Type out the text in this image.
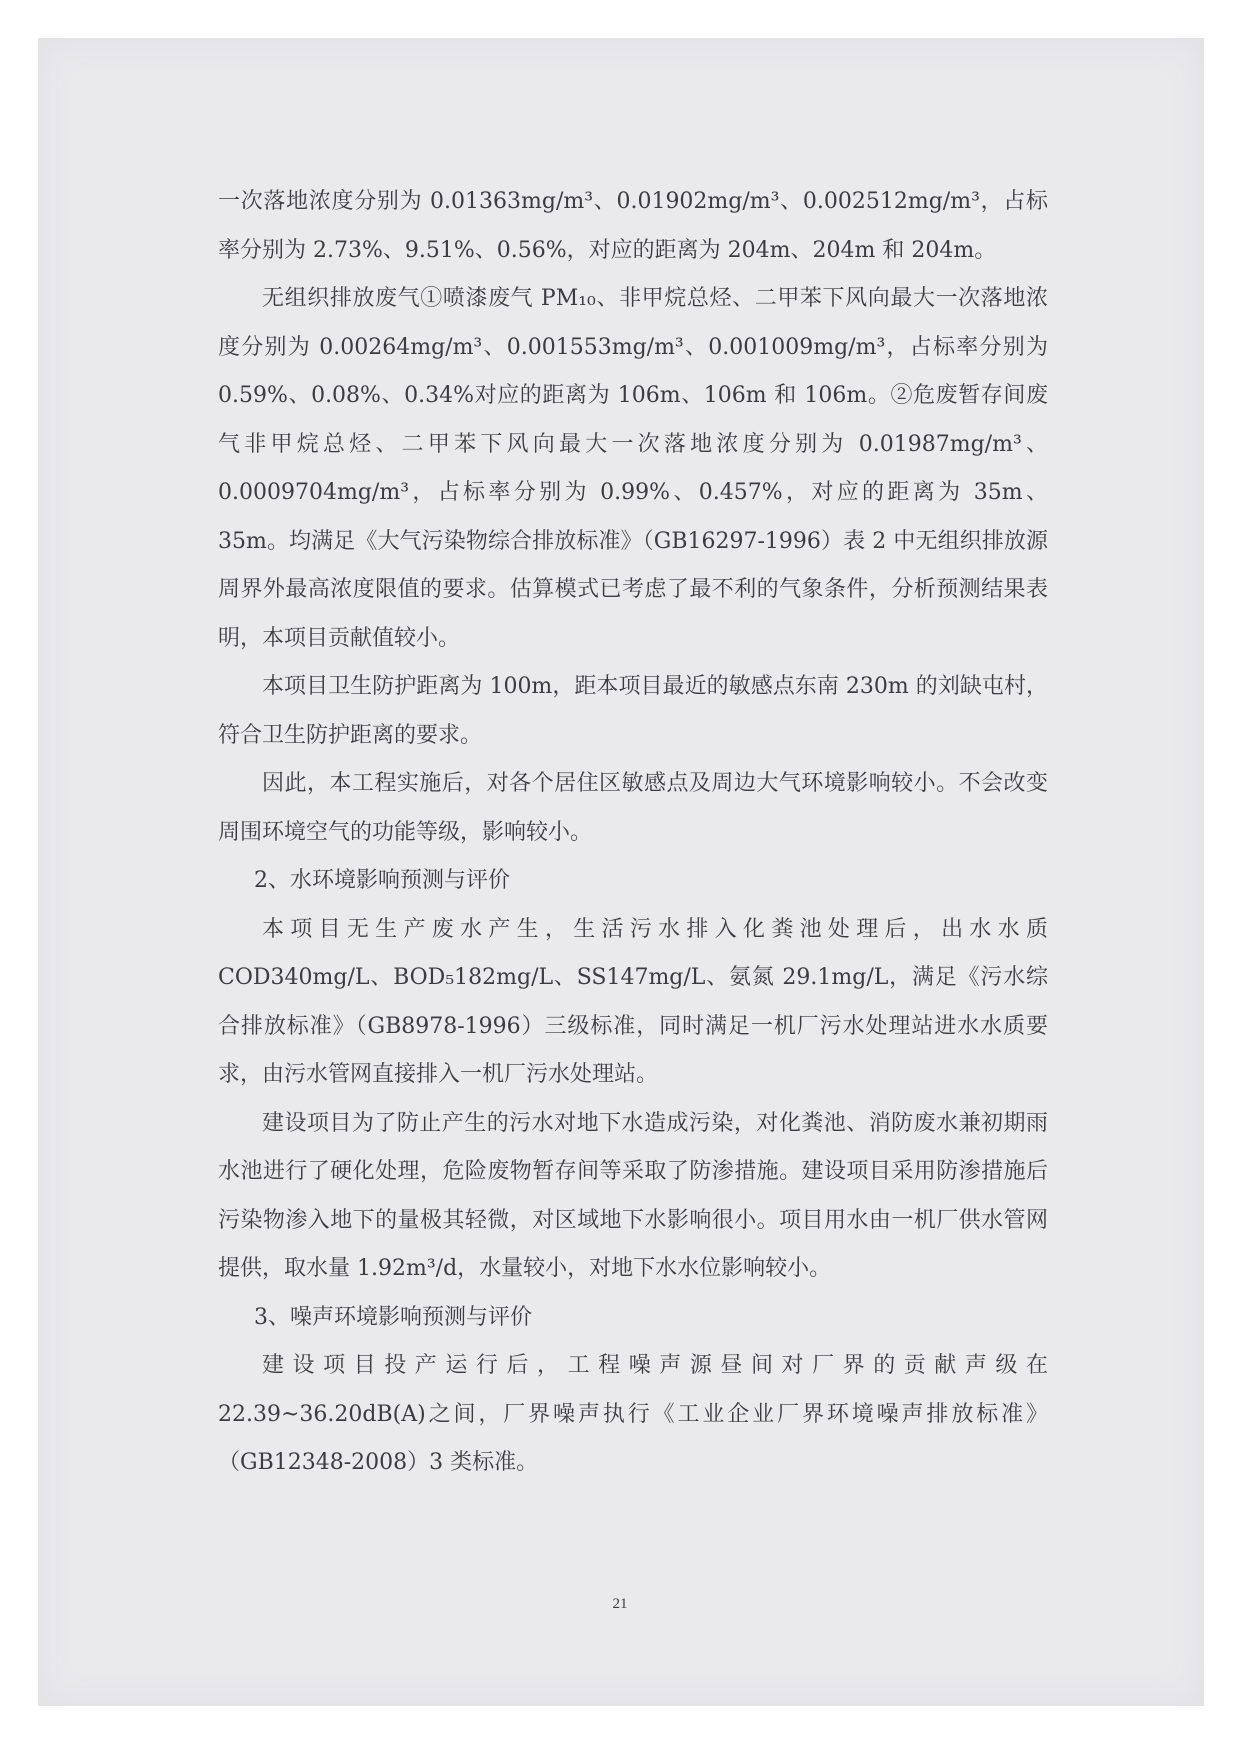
一次落地浓度分别为 0.01363mg/m³、0.01902mg/m³、0.002512mg/m³，占标率分别为 2.73%、9.51%、0.56%，对应的距离为 204m、204m 和 204m。

无组织排放废气①喷漆废气 PM₁₀、非甲烷总烃、二甲苯下风向最大一次落地浓度分别为 0.00264mg/m³、0.001553mg/m³、0.001009mg/m³，占标率分别为 0.59%、0.08%、0.34%对应的距离为 106m、106m 和 106m。②危废暂存间废气非甲烷总烃、二甲苯下风向最大一次落地浓度分别为 0.01987mg/m³、0.0009704mg/m³，占标率分别为 0.99%、0.457%，对应的距离为 35m、35m。均满足《大气污染物综合排放标准》（GB16297-1996）表 2 中无组织排放源周界外最高浓度限值的要求。估算模式已考虑了最不利的气象条件，分析预测结果表明，本项目贡献值较小。

本项目卫生防护距离为 100m，距本项目最近的敏感点东南 230m 的刘缺屯村，符合卫生防护距离的要求。

因此，本工程实施后，对各个居住区敏感点及周边大气环境影响较小。不会改变周围环境空气的功能等级，影响较小。

2、水环境影响预测与评价

本项目无生产废水产生，生活污水排入化粪池处理后，出水水质 COD340mg/L、BOD₅182mg/L、SS147mg/L、氨氮 29.1mg/L，满足《污水综合排放标准》（GB8978-1996）三级标准，同时满足一机厂污水处理站进水水质要求，由污水管网直接排入一机厂污水处理站。

建设项目为了防止产生的污水对地下水造成污染，对化粪池、消防废水兼初期雨水池进行了硬化处理，危险废物暂存间等采取了防渗措施。建设项目采用防渗措施后污染物渗入地下的量极其轻微，对区域地下水影响很小。项目用水由一机厂供水管网提供，取水量 1.92m³/d，水量较小，对地下水水位影响较小。

3、噪声环境影响预测与评价

建设项目投产运行后，工程噪声源昼间对厂界的贡献声级在 22.39~36.20dB(A)之间，厂界噪声执行《工业企业厂界环境噪声排放标准》（GB12348-2008）3 类标准。

21
